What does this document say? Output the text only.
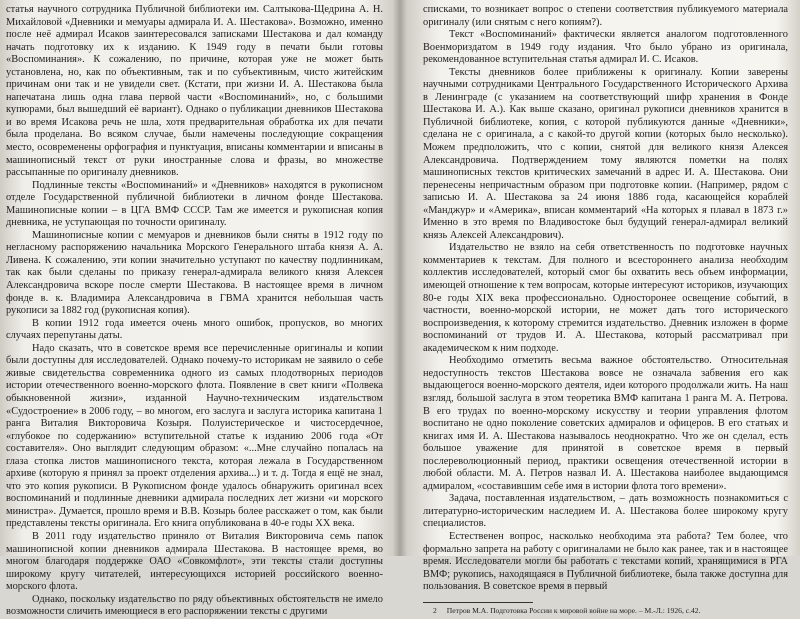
статья научного сотрудника Публичной библиотеки им. Салтыкова-Щедрина А. Н. Михайловой «Дневники и мемуары адмирала И. А. Шестакова». Возможно, именно после неё адмирал Исаков заинтересовался записками Шестакова и дал команду начать подготовку их к изданию. К 1949 году в печати были готовы «Воспоминания». К сожалению, по причине, которая уже не может быть установлена, но, как по объективным, так и по субъективным, чисто житейским причинам они так и не увидели свет. (Кстати, при жизни И. А. Шестакова была напечатана лишь одна глава первой части «Воспоминаний», но, с большими купюрами, был вышедший её вариант). Однако о публикации дневников Шестакова и во время Исакова речь не шла, хотя предварительная обработка их для печати была проделана. Во всяком случае, были намечены последующие сокращения место, осовременены орфография и пунктуация, вписаны комментарии и вписаны в машинописный текст от руки иностранные слова и фразы, во множестве рассыпанные по оригиналу дневников.

Подлинные тексты «Воспоминаний» и «Дневников» находятся в рукописном отделе Государственной публичной библиотеки в личном фонде Шестакова. Машинописные копии – в ЦГА ВМФ СССР. Там же имеется и рукописная копия дневника, не уступающая по точности оригиналу.

Машинописные копии с мемуаров и дневников были сняты в 1912 году по негласному распоряжению начальника Морского Генерального штаба князя А. А. Ливена. К сожалению, эти копии значительно уступают по качеству подлинникам, так как были сделаны по приказу генерал-адмирала великого князя Алексея Александровича вскоре после смерти Шестакова. В настоящее время в личном фонде в. к. Владимира Александровича в ГВМА хранится небольшая часть рукописи за 1882 год (рукописная копия).

В копии 1912 года имеется очень много ошибок, пропусков, во многих случаях перепутаны даты.

Надо сказать, что в советское время все перечисленные оригиналы и копии были доступны для исследователей. Однако почему-то историкам не заявило о себе живые свидетельства современника одного из самых плодотворных периодов истории отечественного военно-морского флота. Появление в свет книги «Полвека обыкновенной жизни», изданной Научно-техническим издательством «Судостроение» в 2006 году, – во многом, его заслуга и заслуга историка капитана 1 ранга Виталия Викторовича Козыря. Полуистерическое и чистосердечное, «глубокое по содержанию» вступительной статье к изданию 2006 года «От составителя». Оно выглядит следующим образом: «...Мне случайно попалась на глаза стопка листов машинописного текста, которая лежала в Государственном архиве (которую я принял за проект отделения архива...) и т. д. Тогда я ещё не знал, что это копия рукописи. В Рукописном фонде удалось обнаружить оригинал всех воспоминаний и подлинные дневники адмирала последних лет жизни «и морского министра». Думается, прошло время и В.В. Козырь более расскажет о том, как были представлены тексты оригинала. Его книга опубликована в 40-е годы XX века.

В 2011 году издательство приняло от Виталия Викторовича семь папок машинописной копии дневников адмирала Шестакова. В настоящее время, во многом благодаря поддержке ОАО «Совкомфлот», эти тексты стали доступны широкому кругу читателей, интересующихся историей российского военно-морского флота.

Однако, поскольку издательство по ряду объективных обстоятельств не имело возможности сличить имеющиеся в его распоряжении тексты с другими

списками, то возникает вопрос о степени соответствия публикуемого материала оригиналу (или снятым с него копиям?).

Текст «Воспоминаний» фактически является аналогом подготовленного Военмориздатом в 1949 году издания. Что было убрано из оригинала, рекомендованное вступительная статья адмирал И. С. Исаков.

Тексты дневников более приближены к оригиналу. Копии заверены научными сотрудниками Центрального Государственного Исторического Архива в Ленинграде (с указанием на соответствующий шифр хранения в Фонде Шестакова И. А.). Как выше сказано, оригинал рукописи дневников хранится в Публичной библиотеке, копия, с которой публикуются данные «Дневники», сделана не с оригинала, а с какой-то другой копии (которых было несколько). Можем предположить, что с копии, снятой для великого князя Алексея Александровича. Подтверждением тому являются пометки на полях машинописных текстов критических замечаний в адрес И. А. Шестакова. Они перенесены непричастным образом при подготовке копии. (Например, рядом с записью И. А. Шестакова за 24 июня 1886 года, касающейся кораблей «Манджур» и «Америка», вписан комментарий «На которых я плавал в 1873 г.» Именно в это время по Владивостоке был будущий генерал-адмирал великий князь Алексей Александрович).

Издательство не взяло на себя ответственность по подготовке научных комментариев к текстам. Для полного и всестороннего анализа необходим коллектив исследователей, который смог бы охватить весь объем информации, имеющей отношение к тем вопросам, которые интересуют историков, изучающих 80-е годы XIX века профессионально. Односторонее освещение событий, в частности, военно-морской истории, не может дать того исторического воспроизведения, к которому стремится издательство. Дневник изложен в форме воспоминаний от трудов И. А. Шестакова, который рассматривал при академическом к ним подходе.

Необходимо отметить весьма важное обстоятельство. Относительная недоступность текстов Шестакова вовсе не означала забвения его как выдающегося военно-морского деятеля, идеи которого продолжали жить. На наш взгляд, большой заслуга в этом теоретика ВМФ капитана 1 ранга М. А. Петрова. В его трудах по военно-морскому искусству и теории управления флотом воспитано не одно поколение советских адмиралов и офицеров. В его статьях и книгах имя И. А. Шестакова называлось неоднократно. Что же он сделал, есть большое уважение для принятой в советское время в первый послереволюционный период, практики освещения отечественной истории в любой области. М. А. Петров назвал И. А. Шестакова наиболее выдающимся адмиралом, «составившим себе имя в истории флота того времени».

Задача, поставленная издательством, – дать возможность познакомиться с литературно-историческим наследием И. А. Шестакова более широкому кругу специалистов.

Естественен вопрос, насколько необходима эта работа? Тем более, что формально запрета на работу с оригиналами не было как ранее, так и в настоящее время. Исследователи могли бы работать с текстами копий, хранящимися в РГА ВМФ; рукопись, находящаяся в Публичной библиотеке, была также доступна для пользования. В советское время в первый

2 Петров М.А. Подготовка России к мировой войне на море. – М.-Л.: 1926, с.42.
